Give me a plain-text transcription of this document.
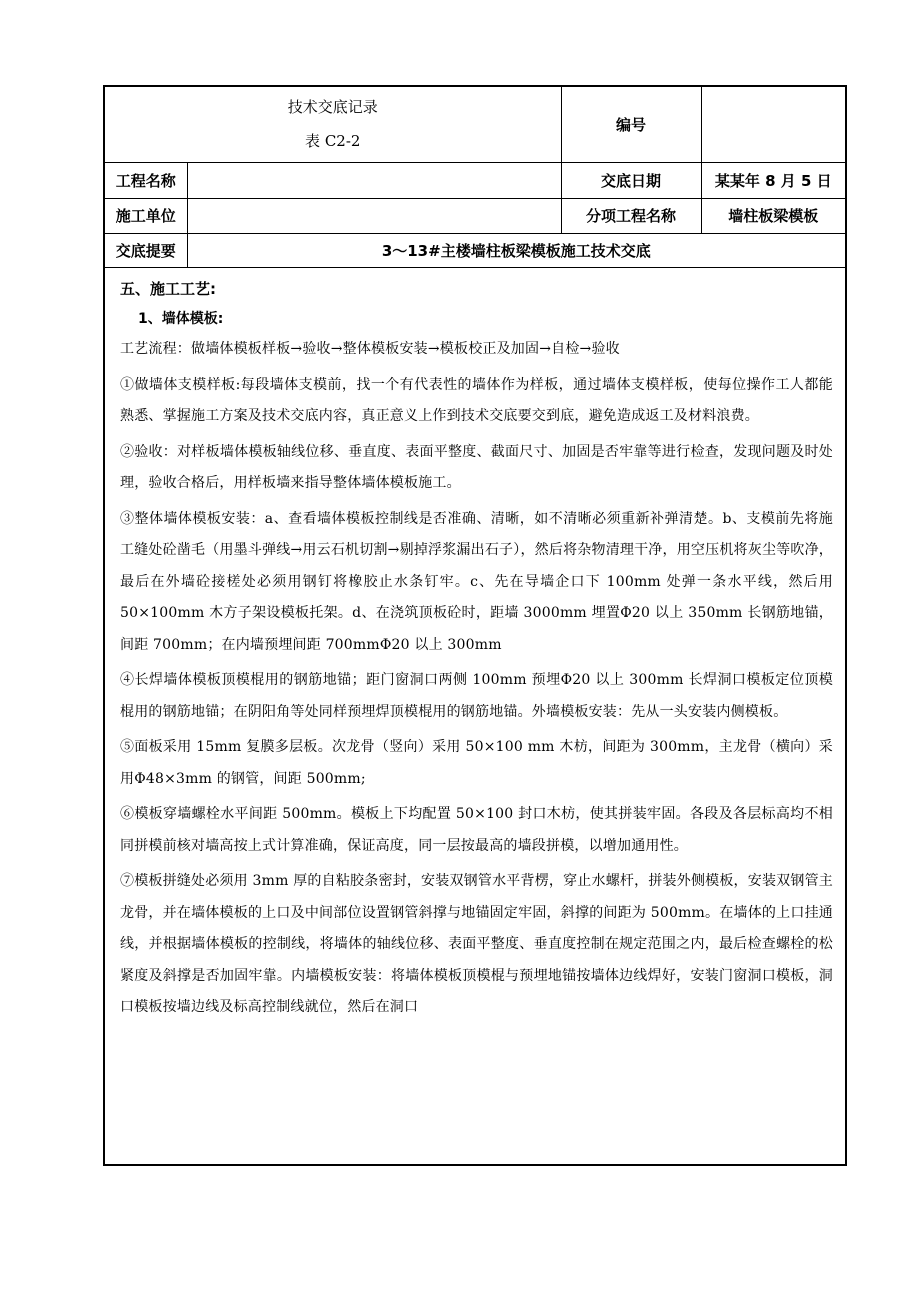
技术交底记录
表 C2-2		编号	
工程名称		交底日期	某某年 8 月 5 日
施工单位		分项工程名称	墙柱板梁模板
交底提要	3～13#主楼墙柱板梁模板施工技术交底		
五、施工工艺:
1、墙体模板:
工艺流程：做墙体模板样板→验收→整体模板安装→模板校正及加固→自检→验收
①做墙体支模样板:每段墙体支模前，找一个有代表性的墙体作为样板，通过墙体支模样板，使每位操作工人都能熟悉、掌握施工方案及技术交底内容，真正意义上作到技术交底要交到底，避免造成返工及材料浪费。
②验收：对样板墙体模板轴线位移、垂直度、表面平整度、截面尺寸、加固是否牢靠等进行检查，发现问题及时处理，验收合格后，用样板墙来指导整体墙体模板施工。
③整体墙体模板安装：a、查看墙体模板控制线是否准确、清晰，如不清晰必须重新补弹清楚。b、支模前先将施工缝处砼凿毛（用墨斗弹线→用云石机切割→剔掉浮浆漏出石子），然后将杂物清理干净，用空压机将灰尘等吹净，最后在外墙砼接槎处必须用钢钉将橡胶止水条钉牢。c、先在导墙企口下 100mm 处弹一条水平线，然后用 50×100mm 木方子架设模板托架。d、在浇筑顶板砼时，距墙 3000mm 埋置Φ20 以上 350mm 长钢筋地锚，间距 700mm；在内墙预埋间距 700mmΦ20 以上 300mm
④长焊墙体模板顶模棍用的钢筋地锚；距门窗洞口两侧 100mm 预埋Φ20 以上 300mm 长焊洞口模板定位顶模棍用的钢筋地锚；在阴阳角等处同样预埋焊顶模棍用的钢筋地锚。外墙模板安装：先从一头安装内侧模板。
⑤面板采用 15mm 复膜多层板。次龙骨（竖向）采用 50×100 mm 木枋，间距为 300mm，主龙骨（横向）采用Φ48×3mm 的钢管，间距 500mm;
⑥模板穿墙螺栓水平间距 500mm。模板上下均配置 50×100 封口木枋，使其拼装牢固。各段及各层标高均不相同拼模前核对墙高按上式计算准确，保证高度，同一层按最高的墙段拼模，以增加通用性。
⑦模板拼缝处必须用 3mm 厚的自粘胶条密封，安装双钢管水平背楞，穿止水螺杆，拼装外侧模板，安装双钢管主龙骨，并在墙体模板的上口及中间部位设置钢管斜撑与地锚固定牢固，斜撑的间距为 500mm。在墙体的上口挂通线，并根据墙体模板的控制线，将墙体的轴线位移、表面平整度、垂直度控制在规定范围之内，最后检查螺栓的松紧度及斜撑是否加固牢靠。内墙模板安装：将墙体模板顶模棍与预埋地锚按墙体边线焊好，安装门窗洞口模板，洞口模板按墙边线及标高控制线就位，然后在洞口
